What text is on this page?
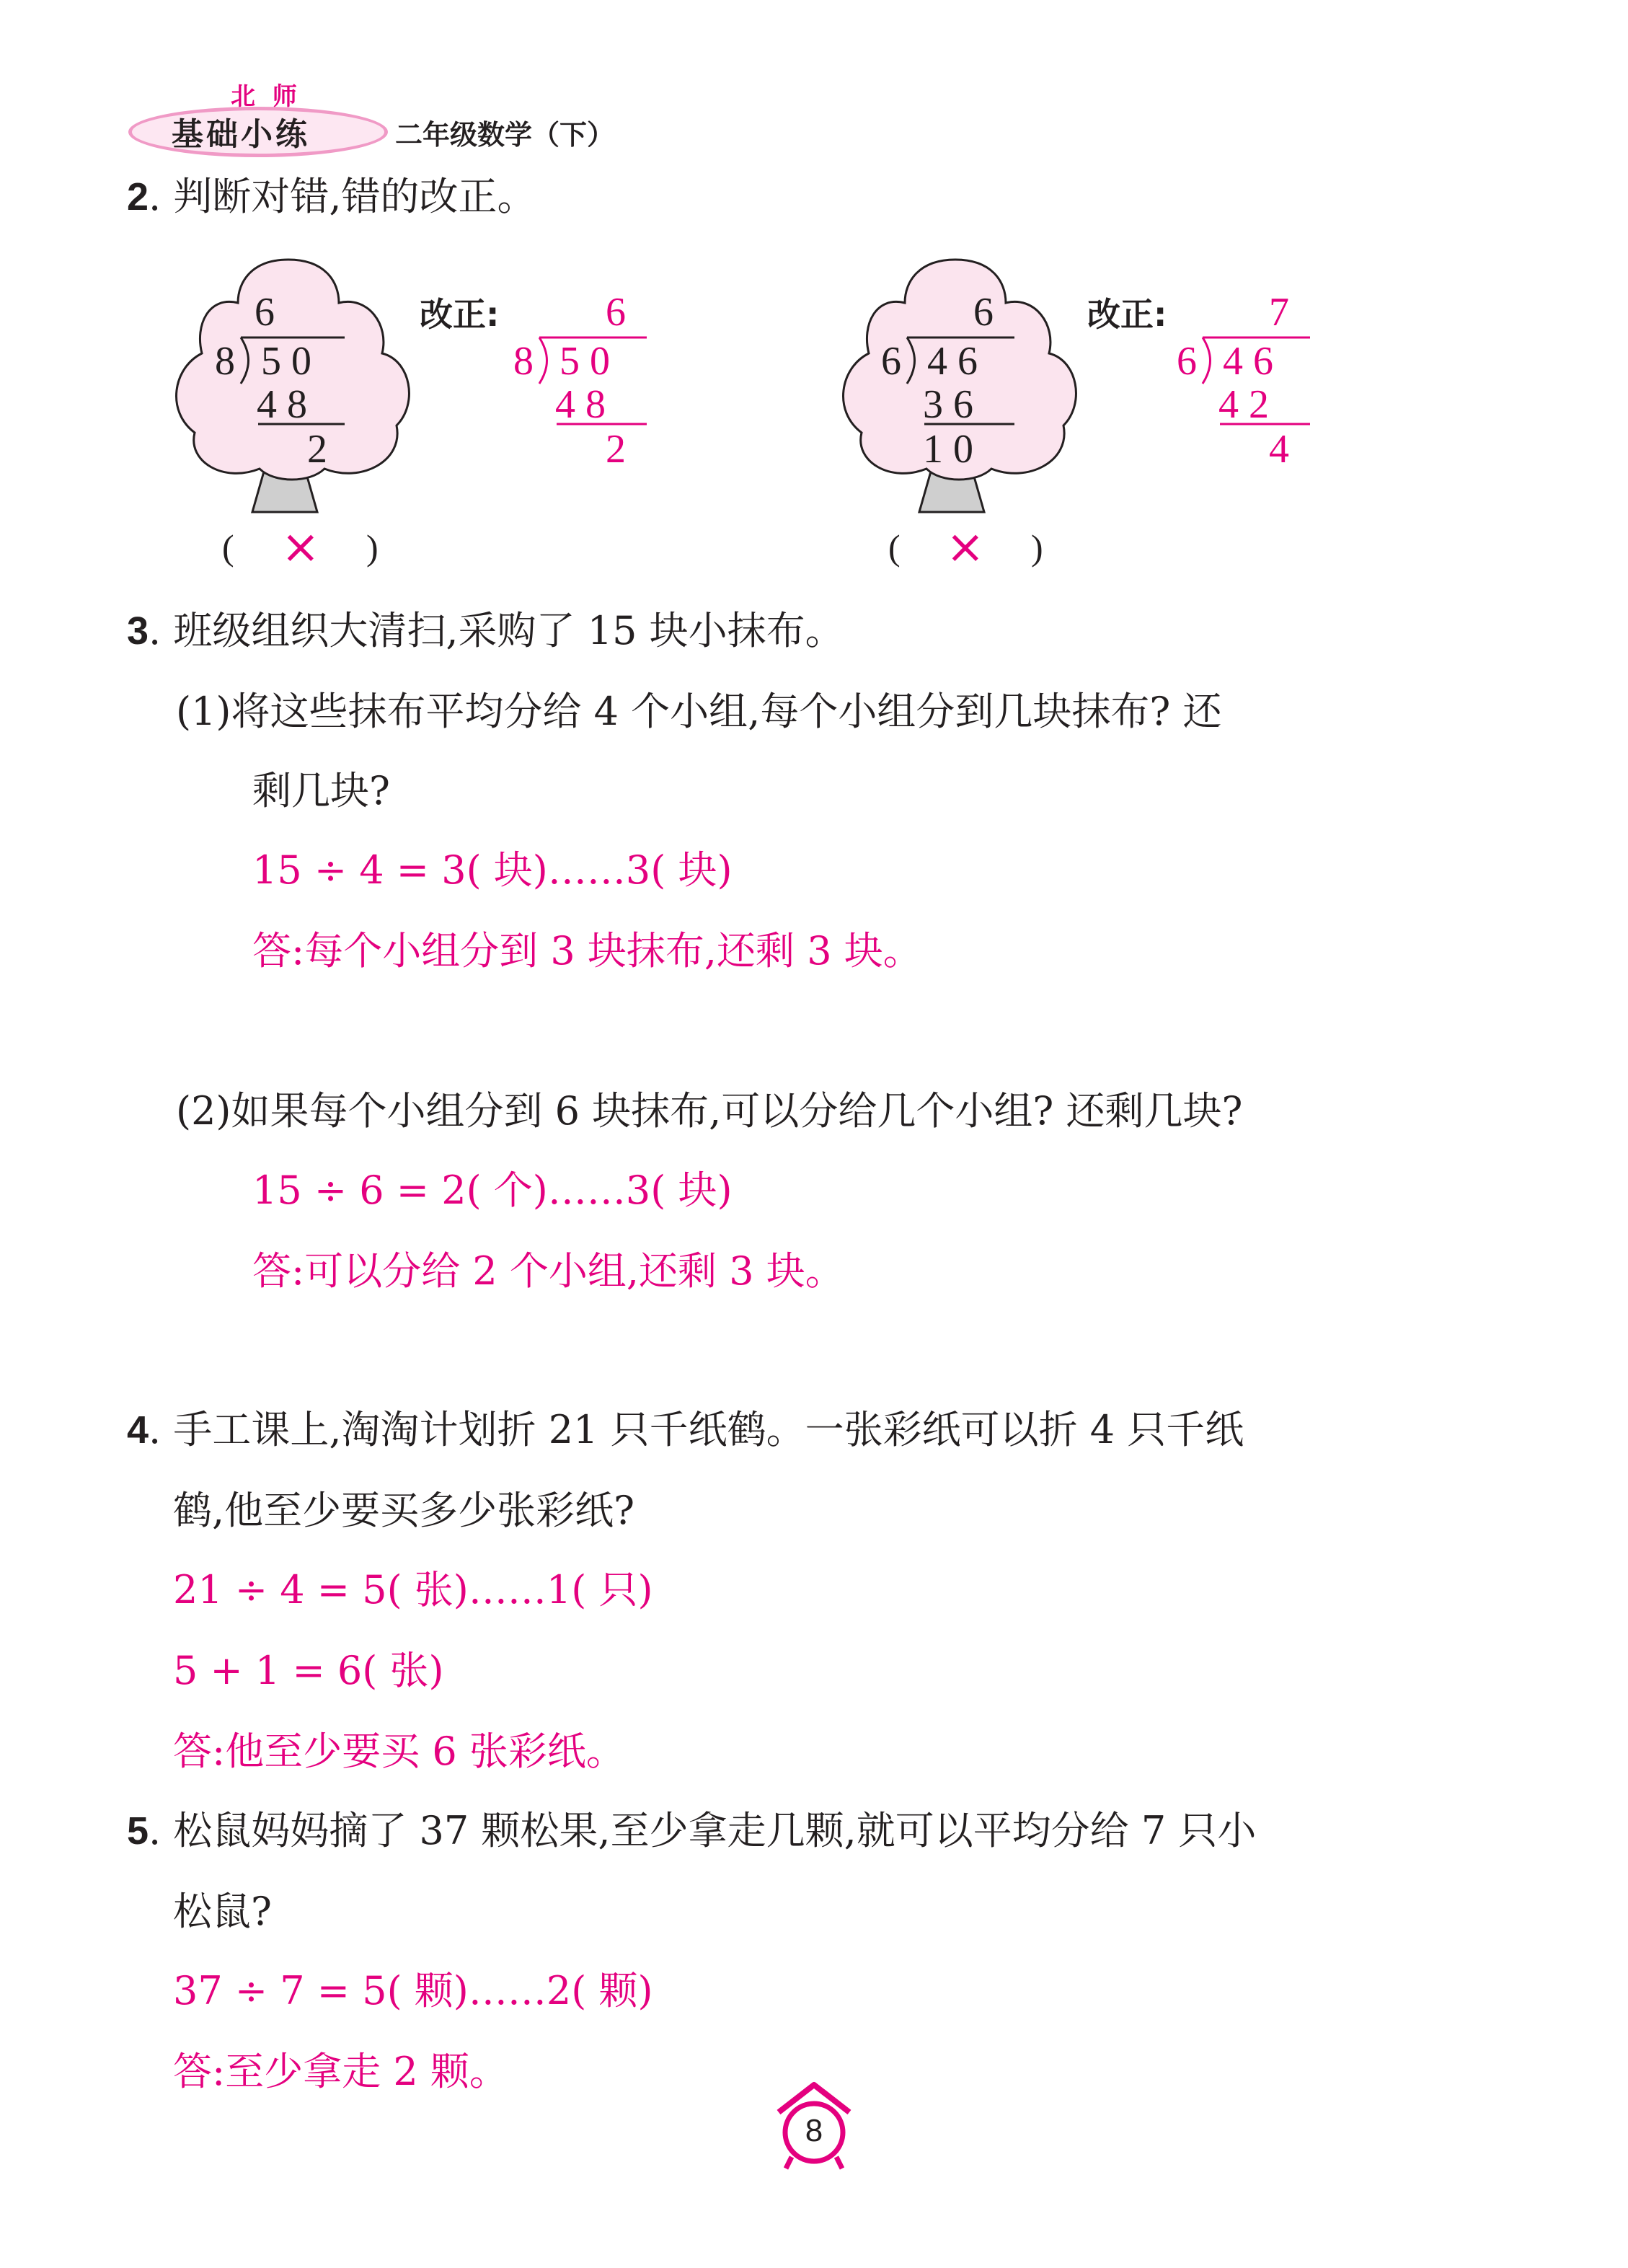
北 师
基础小练	二年级数学（下）
2. 判断对错,错的改正。
6
8 50
48
2
( × )
改正:	6
8 50
48
2
6
6 46
36
10
( × )
改正:	7
6 46
42
4
3. 班级组织大清扫,采购了 15 块小抹布。
(1)将这些抹布平均分给 4 个小组,每个小组分到几块抹布? 还
剩几块?
15 ÷ 4 = 3( 块)……3( 块)
答:每个小组分到 3 块抹布,还剩 3 块。
(2)如果每个小组分到 6 块抹布,可以分给几个小组? 还剩几块?
15 ÷ 6 = 2( 个)……3( 块)
答:可以分给 2 个小组,还剩 3 块。
4. 手工课上,淘淘计划折 21 只千纸鹤。一张彩纸可以折 4 只千纸
鹤,他至少要买多少张彩纸?
21 ÷ 4 = 5( 张)……1( 只)
5 + 1 = 6( 张)
答:他至少要买 6 张彩纸。
5. 松鼠妈妈摘了 37 颗松果,至少拿走几颗,就可以平均分给 7 只小
松鼠?
37 ÷ 7 = 5( 颗)……2( 颗)
答:至少拿走 2 颗。
8
